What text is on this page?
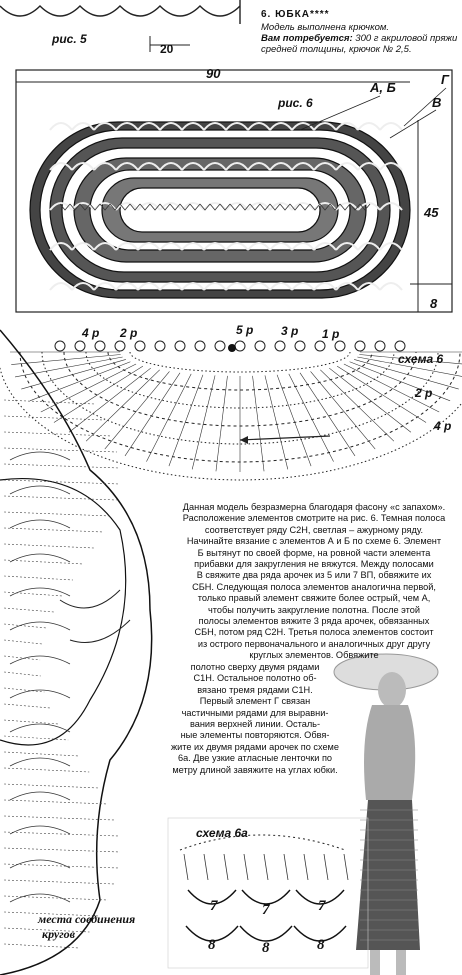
рис. 5
20
6. ЮБКА****
Модель выполнена крючком.
Вам потребуется: 300 г акриловой пряжи
средней толщины, крючок № 2,5.
90
рис. 6
А, Б
Г
В
45
8
4 р 2 р	5 р 3 р 1 р
2 р
4 р
схема 6
Данная модель безразмерна благодаря фасону «с запахом».
Расположение элементов смотрите на рис. 6. Темная полоса
соответствует ряду С2Н, светлая – ажурному ряду.
Начинайте вязание с элементов А и Б по схеме 6. Элемент
Б вытянут по своей форме, на ровной части элемента
прибавки для закругления не вяжутся. Между полосами
В свяжите два ряда арочек из 5 или 7 ВП, обвяжите их
СБН. Следующая полоса элементов аналогична первой,
только правый элемент свяжите более острый, чем А,
чтобы получить закругление полотна. После этой
полосы элементов вяжите 3 ряда арочек, обвязанных
СБН, потом ряд С2Н. Третья полоса элементов состоит
из острого первоначального и аналогичных друг другу
круглых элементов. Обвяжите
полотно сверху двумя рядами
С1Н. Остальное полотно об-
вязано тремя рядами С1Н.
Первый элемент Г связан
частичными рядами для выравни-
вания верхней линии. Осталь-
ные элементы повторяются. Обвя-
жите их двумя рядами арочек по схеме
6а. Две узкие атласные ленточки по
метру длиной завяжите на углах юбки.
схема 6а
7	7	7
8	8	8
места соединения
кругов
